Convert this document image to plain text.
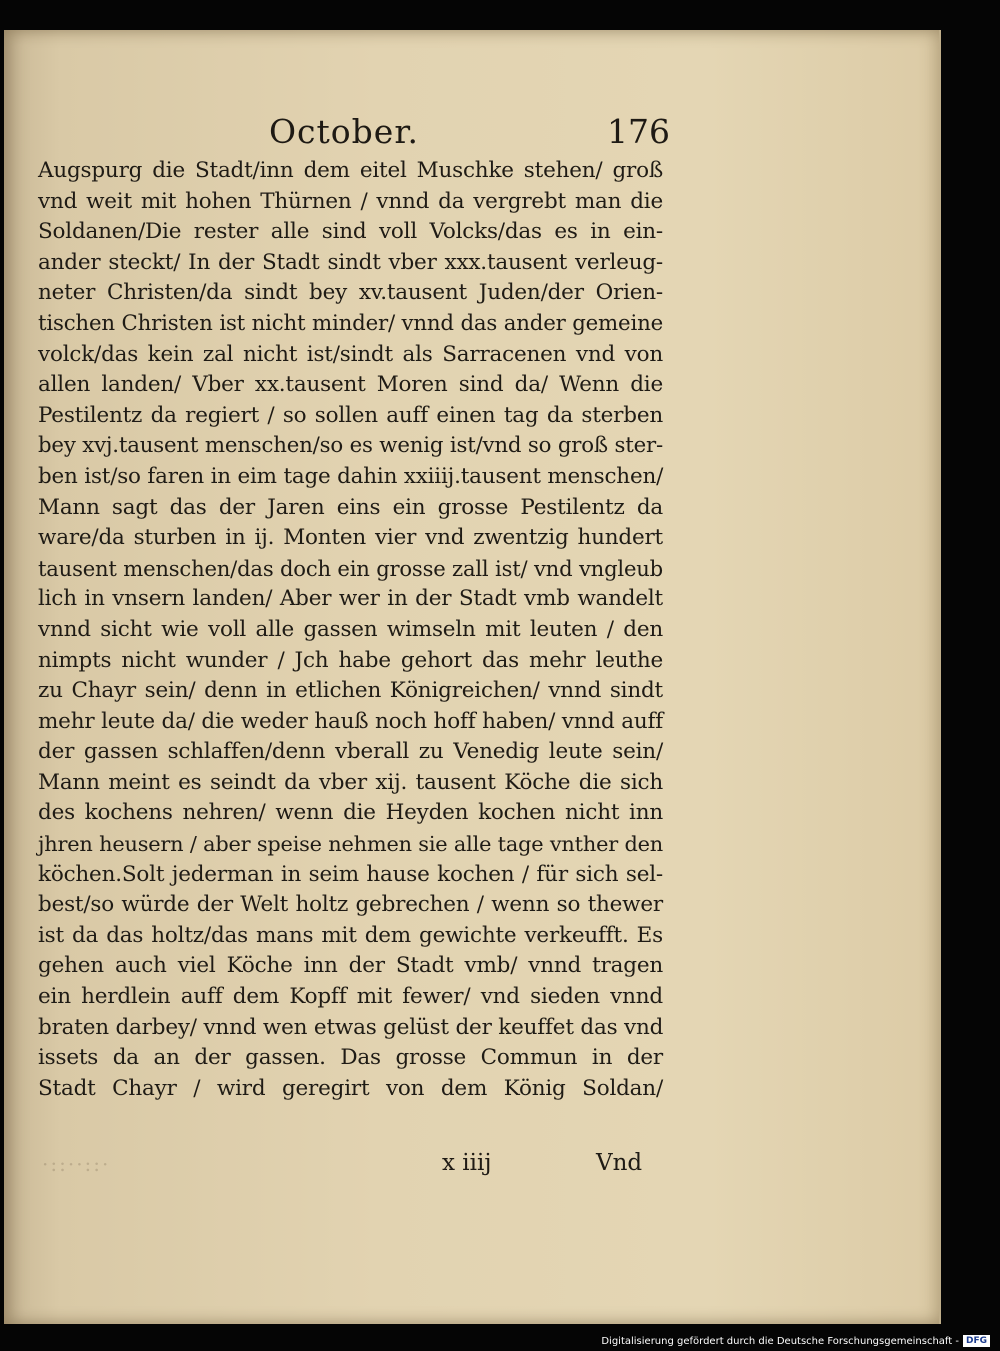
October.	176
Augspurg die Stadt/inn dem eitel Muschke stehen/ groß
vnd weit mit hohen Thürnen / vnnd da vergrebt man die
Soldanen/Die rester alle sind voll Volcks/das es in ein-
ander steckt/ In der Stadt sindt vber xxx.tausent verleug-
neter Christen/da sindt bey xv.tausent Juden/der Orien-
tischen Christen ist nicht minder/ vnnd das ander gemeine
volck/das kein zal nicht ist/sindt als Sarracenen vnd von
allen landen/ Vber xx.tausent Moren sind da/ Wenn die
Pestilentz da regiert / so sollen auff einen tag da sterben
bey xvj.tausent menschen/so es wenig ist/vnd so groß ster-
ben ist/so faren in eim tage dahin xxiiij.tausent menschen/
Mann sagt das der Jaren eins ein grosse Pestilentz da
ware/da sturben in ij. Monten vier vnd zwentzig hundert
tausent menschen/das doch ein grosse zall ist/ vnd vngleub
lich in vnsern landen/ Aber wer in der Stadt vmb wandelt
vnnd sicht wie voll alle gassen wimseln mit leuten / den
nimpts nicht wunder / Jch habe gehort das mehr leuthe
zu Chayr sein/ denn in etlichen Königreichen/ vnnd sindt
mehr leute da/ die weder hauß noch hoff haben/ vnnd auff
der gassen schlaffen/denn vberall zu Venedig leute sein/
Mann meint es seindt da vber xij. tausent Köche die sich
des kochens nehren/ wenn die Heyden kochen nicht inn
jhren heusern / aber speise nehmen sie alle tage vnther den
köchen.Solt jederman in seim hause kochen / für sich sel-
best/so würde der Welt holtz gebrechen / wenn so thewer
ist da das holtz/das mans mit dem gewichte verkeufft. Es
gehen auch viel Köche inn der Stadt vmb/ vnnd tragen
ein herdlein auff dem Kopff mit fewer/ vnd sieden vnnd
braten darbey/ vnnd wen etwas gelüst der keuffet das vnd
issets da an der gassen. Das grosse Commun in der
Stadt Chayr / wird geregirt von dem König Soldan/
﻿·::··::·	x iiij	Vnd
Digitalisierung gefördert durch die Deutsche Forschungsgemeinschaft - DFG
